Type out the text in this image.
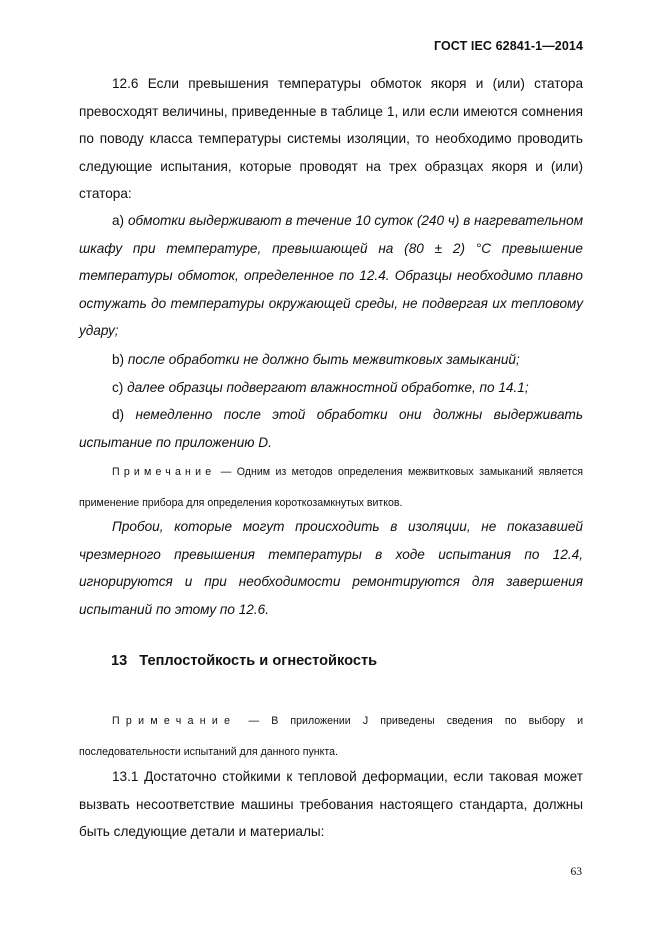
ГОСТ IEC 62841-1—2014
12.6 Если превышения температуры обмоток якоря и (или) статора превосходят величины, приведенные в таблице 1, или если имеются сомнения по поводу класса температуры системы изоляции, то необходимо проводить следующие испытания, которые проводят на трех образцах якоря и (или) статора:
a) обмотки выдерживают в течение 10 суток (240 ч) в нагревательном шкафу при температуре, превышающей на (80 ± 2) °С превышение температуры обмоток, определенное по 12.4. Образцы необходимо плавно остужать до температуры окружающей среды, не подвергая их тепловому удару;
b) после обработки не должно быть межвитковых замыканий;
c) далее образцы подвергают влажностной обработке, по 14.1;
d) немедленно после этой обработки они должны выдерживать испытание по приложению D.
Примечание — Одним из методов определения межвитковых замыканий является применение прибора для определения короткозамкнутых витков.
Пробои, которые могут происходить в изоляции, не показавшей чрезмерного превышения температуры в ходе испытания по 12.4, игнорируются и при необходимости ремонтируются для завершения испытаний по этому по 12.6.
13 Теплостойкость и огнестойкость
Примечание — В приложении J приведены сведения по выбору и последовательности испытаний для данного пункта.
13.1 Достаточно стойкими к тепловой деформации, если таковая может вызвать несоответствие машины требования настоящего стандарта, должны быть следующие детали и материалы:
63
